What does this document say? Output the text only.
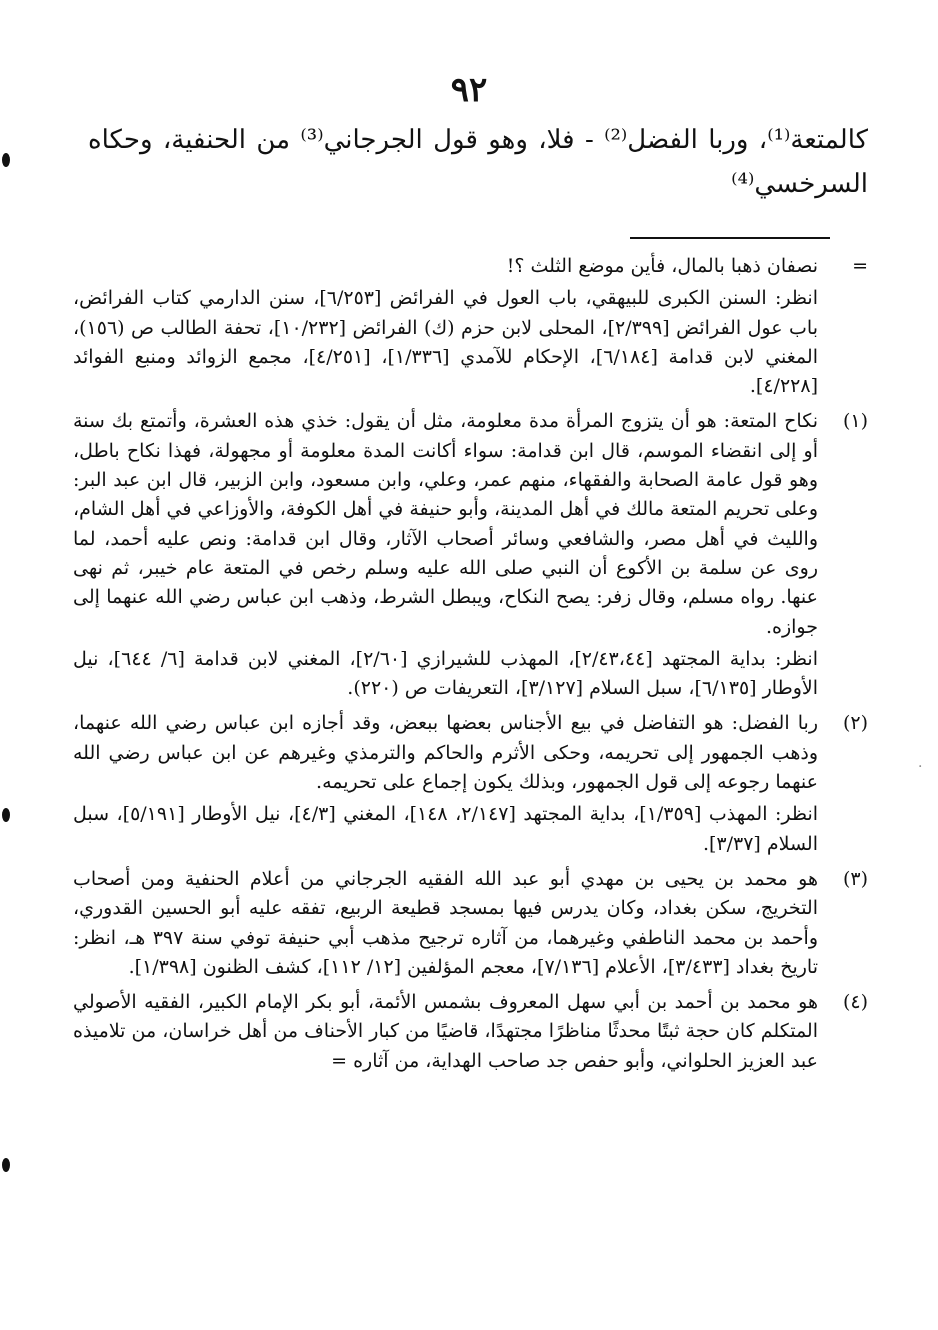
٩٢

كالمتعة⁽¹⁾، وربا الفضل⁽²⁾ - فلا، وهو قول الجرجاني⁽³⁾ من الحنفية، وحكاه السرخسي⁽⁴⁾

=

نصفان ذهبا بالمال، فأين موضع الثلث ؟!

انظر: السنن الكبرى للبيهقي، باب العول في الفرائض [٦/٢٥٣]، سنن الدارمي كتاب الفرائض، باب عول الفرائض [٢/٣٩٩]، المحلى لابن حزم (ك) الفرائض [١٠/٢٣٢]، تحفة الطالب ص (١٥٦)، المغني لابن قدامة [٦/١٨٤]، الإحكام للآمدي [١/٣٣٦]، [٤/٢٥١]، مجمع الزوائد ومنبع الفوائد [٤/٢٢٨].

(١)

نكاح المتعة: هو أن يتزوج المرأة مدة معلومة، مثل أن يقول: خذي هذه العشرة، وأتمتع بك سنة أو إلى انقضاء الموسم، قال ابن قدامة: سواء أكانت المدة معلومة أو مجهولة، فهذا نكاح باطل، وهو قول عامة الصحابة والفقهاء، منهم عمر، وعلي، وابن مسعود، وابن الزبير، قال ابن عبد البر: وعلى تحريم المتعة مالك في أهل المدينة، وأبو حنيفة في أهل الكوفة، والأوزاعي في أهل الشام، والليث في أهل مصر، والشافعي وسائر أصحاب الآثار، وقال ابن قدامة: ونص عليه أحمد، لما روى عن سلمة بن الأكوع أن النبي صلى الله عليه وسلم رخص في المتعة عام خيبر، ثم نهى عنها. رواه مسلم، وقال زفر: يصح النكاح، ويبطل الشرط، وذهب ابن عباس رضي الله عنهما إلى جوازه.

انظر: بداية المجتهد [٢/٤٣،٤٤]، المهذب للشيرازي [٢/٦٠]، المغني لابن قدامة [٦/ ٦٤٤]، نيل الأوطار [٦/١٣٥]، سبل السلام [٣/١٢٧]، التعريفات ص (٢٢٠).

(٢)

ربا الفضل: هو التفاضل في بيع الأجناس بعضها ببعض، وقد أجازه ابن عباس رضي الله عنهما، وذهب الجمهور إلى تحريمه، وحكى الأثرم والحاكم والترمذي وغيرهم عن ابن عباس رضي الله عنهما رجوعه إلى قول الجمهور، وبذلك يكون إجماع على تحريمه.

انظر: المهذب [١/٣٥٩]، بداية المجتهد [٢/١٤٧، ١٤٨]، المغني [٤/٣]، نيل الأوطار [٥/١٩١]، سبل السلام [٣/٣٧].

(٣)

هو محمد بن يحيى بن مهدي أبو عبد الله الفقيه الجرجاني من أعلام الحنفية ومن أصحاب التخريج، سكن بغداد، وكان يدرس فيها بمسجد قطيعة الربيع، تفقه عليه أبو الحسين القدوري، وأحمد بن محمد الناطفي وغيرهما، من آثاره ترجيح مذهب أبي حنيفة توفي سنة ٣٩٧ هـ، انظر: تاريخ بغداد [٣/٤٣٣]، الأعلام [٧/١٣٦]، معجم المؤلفين [١٢/ ١١٢]، كشف الظنون [١/٣٩٨].

(٤)

هو محمد بن أحمد بن أبي سهل المعروف بشمس الأئمة، أبو بكر الإمام الكبير، الفقيه الأصولي المتكلم كان حجة ثبتًا محدثًا مناظرًا مجتهدًا، قاضيًا من كبار الأحناف من أهل خراسان، من تلاميذه عبد العزيز الحلواني، وأبو حفص جد صاحب الهداية، من آثاره =

·
